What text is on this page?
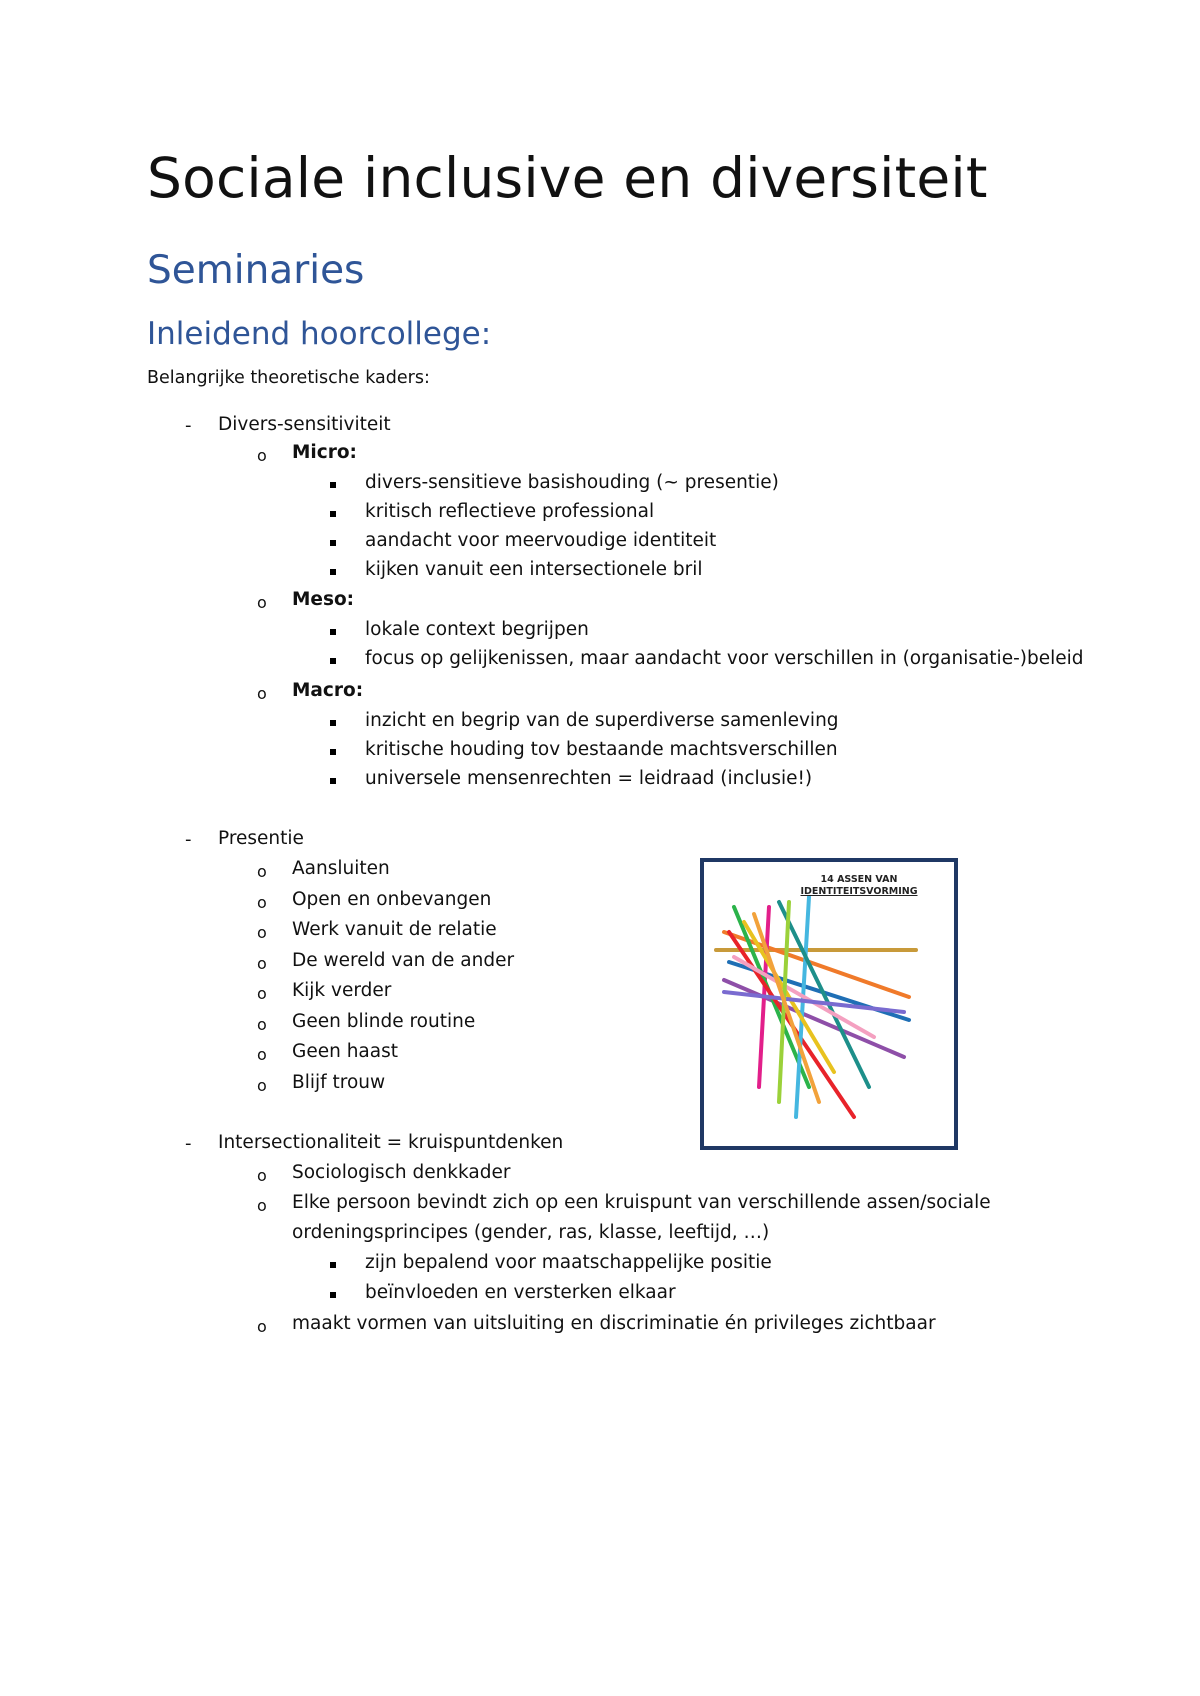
Sociale inclusive en diversiteit
Seminaries
Inleidend hoorcollege:
Belangrijke theoretische kaders:
- Divers-sensitiviteit
o Micro:
divers-sensitieve basishouding (~ presentie)
kritisch reflectieve professional
aandacht voor meervoudige identiteit
kijken vanuit een intersectionele bril
o Meso:
lokale context begrijpen
focus op gelijkenissen, maar aandacht voor verschillen in (organisatie-)beleid
o Macro:
inzicht en begrip van de superdiverse samenleving
kritische houding tov bestaande machtsverschillen
universele mensenrechten = leidraad (inclusie!)
- Presentie
o Aansluiten
o Open en onbevangen
o Werk vanuit de relatie
o De wereld van de ander
o Kijk verder
o Geen blinde routine
o Geen haast
o Blijf trouw
- Intersectionaliteit = kruispuntdenken
o Sociologisch denkkader
o Elke persoon bevindt zich op een kruispunt van verschillende assen/sociale
ordeningsprincipes (gender, ras, klasse, leeftijd, …)
zijn bepalend voor maatschappelijke positie
beïnvloeden en versterken elkaar
o maakt vormen van uitsluiting en discriminatie én privileges zichtbaar
14 ASSEN VAN
IDENTITEITSVORMING
